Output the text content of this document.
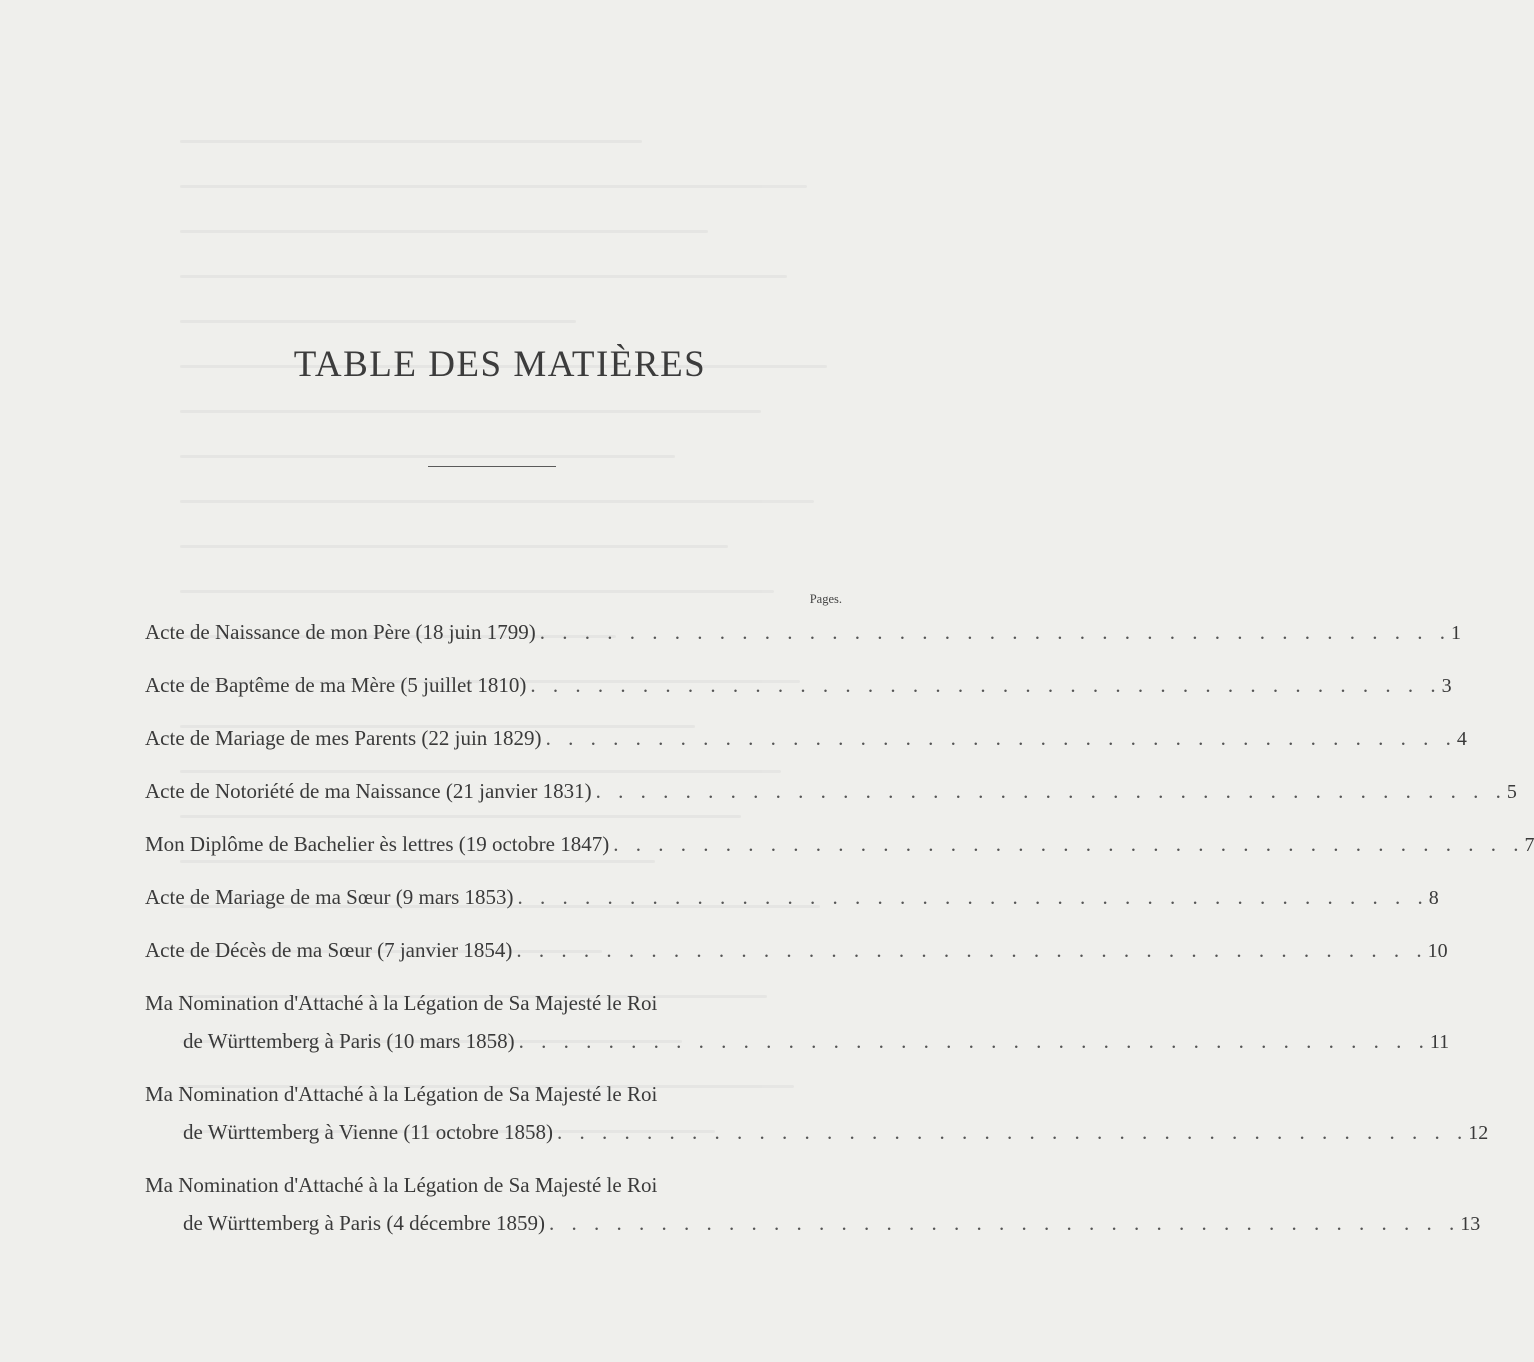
TABLE DES MATIÈRES
Pages.
Acte de Naissance de mon Père (18 juin 1799) . . . . . . . . . . . . . . . . . . . . . . . . . . . . . . . . . . . . . . . . . 1
Acte de Baptême de ma Mère (5 juillet 1810) . . . . . . . . . . . . . . . . . . . . . . . . . . . . . . . . . . . . . . . . . 3
Acte de Mariage de mes Parents (22 juin 1829) . . . . . . . . . . . . . . . . . . . . . . . . . . . . . . . . . . . . . . . . . 4
Acte de Notoriété de ma Naissance (21 janvier 1831) . . . . . . . . . . . . . . . . . . . . . . . . . . . . . . . . . . . . . . . . . 5
Mon Diplôme de Bachelier ès lettres (19 octobre 1847) . . . . . . . . . . . . . . . . . . . . . . . . . . . . . . . . . . . . . . . . . 7
Acte de Mariage de ma Sœur (9 mars 1853) . . . . . . . . . . . . . . . . . . . . . . . . . . . . . . . . . . . . . . . . . 8
Acte de Décès de ma Sœur (7 janvier 1854) . . . . . . . . . . . . . . . . . . . . . . . . . . . . . . . . . . . . . . . . . 10
Ma Nomination d'Attaché à la Légation de Sa Majesté le Roi
de Württemberg à Paris (10 mars 1858) . . . . . . . . . . . . . . . . . . . . . . . . . . . . . . . . . . . . . . . . . 11
Ma Nomination d'Attaché à la Légation de Sa Majesté le Roi
de Württemberg à Vienne (11 octobre 1858) . . . . . . . . . . . . . . . . . . . . . . . . . . . . . . . . . . . . . . . . . 12
Ma Nomination d'Attaché à la Légation de Sa Majesté le Roi
de Württemberg à Paris (4 décembre 1859) . . . . . . . . . . . . . . . . . . . . . . . . . . . . . . . . . . . . . . . . . 13
